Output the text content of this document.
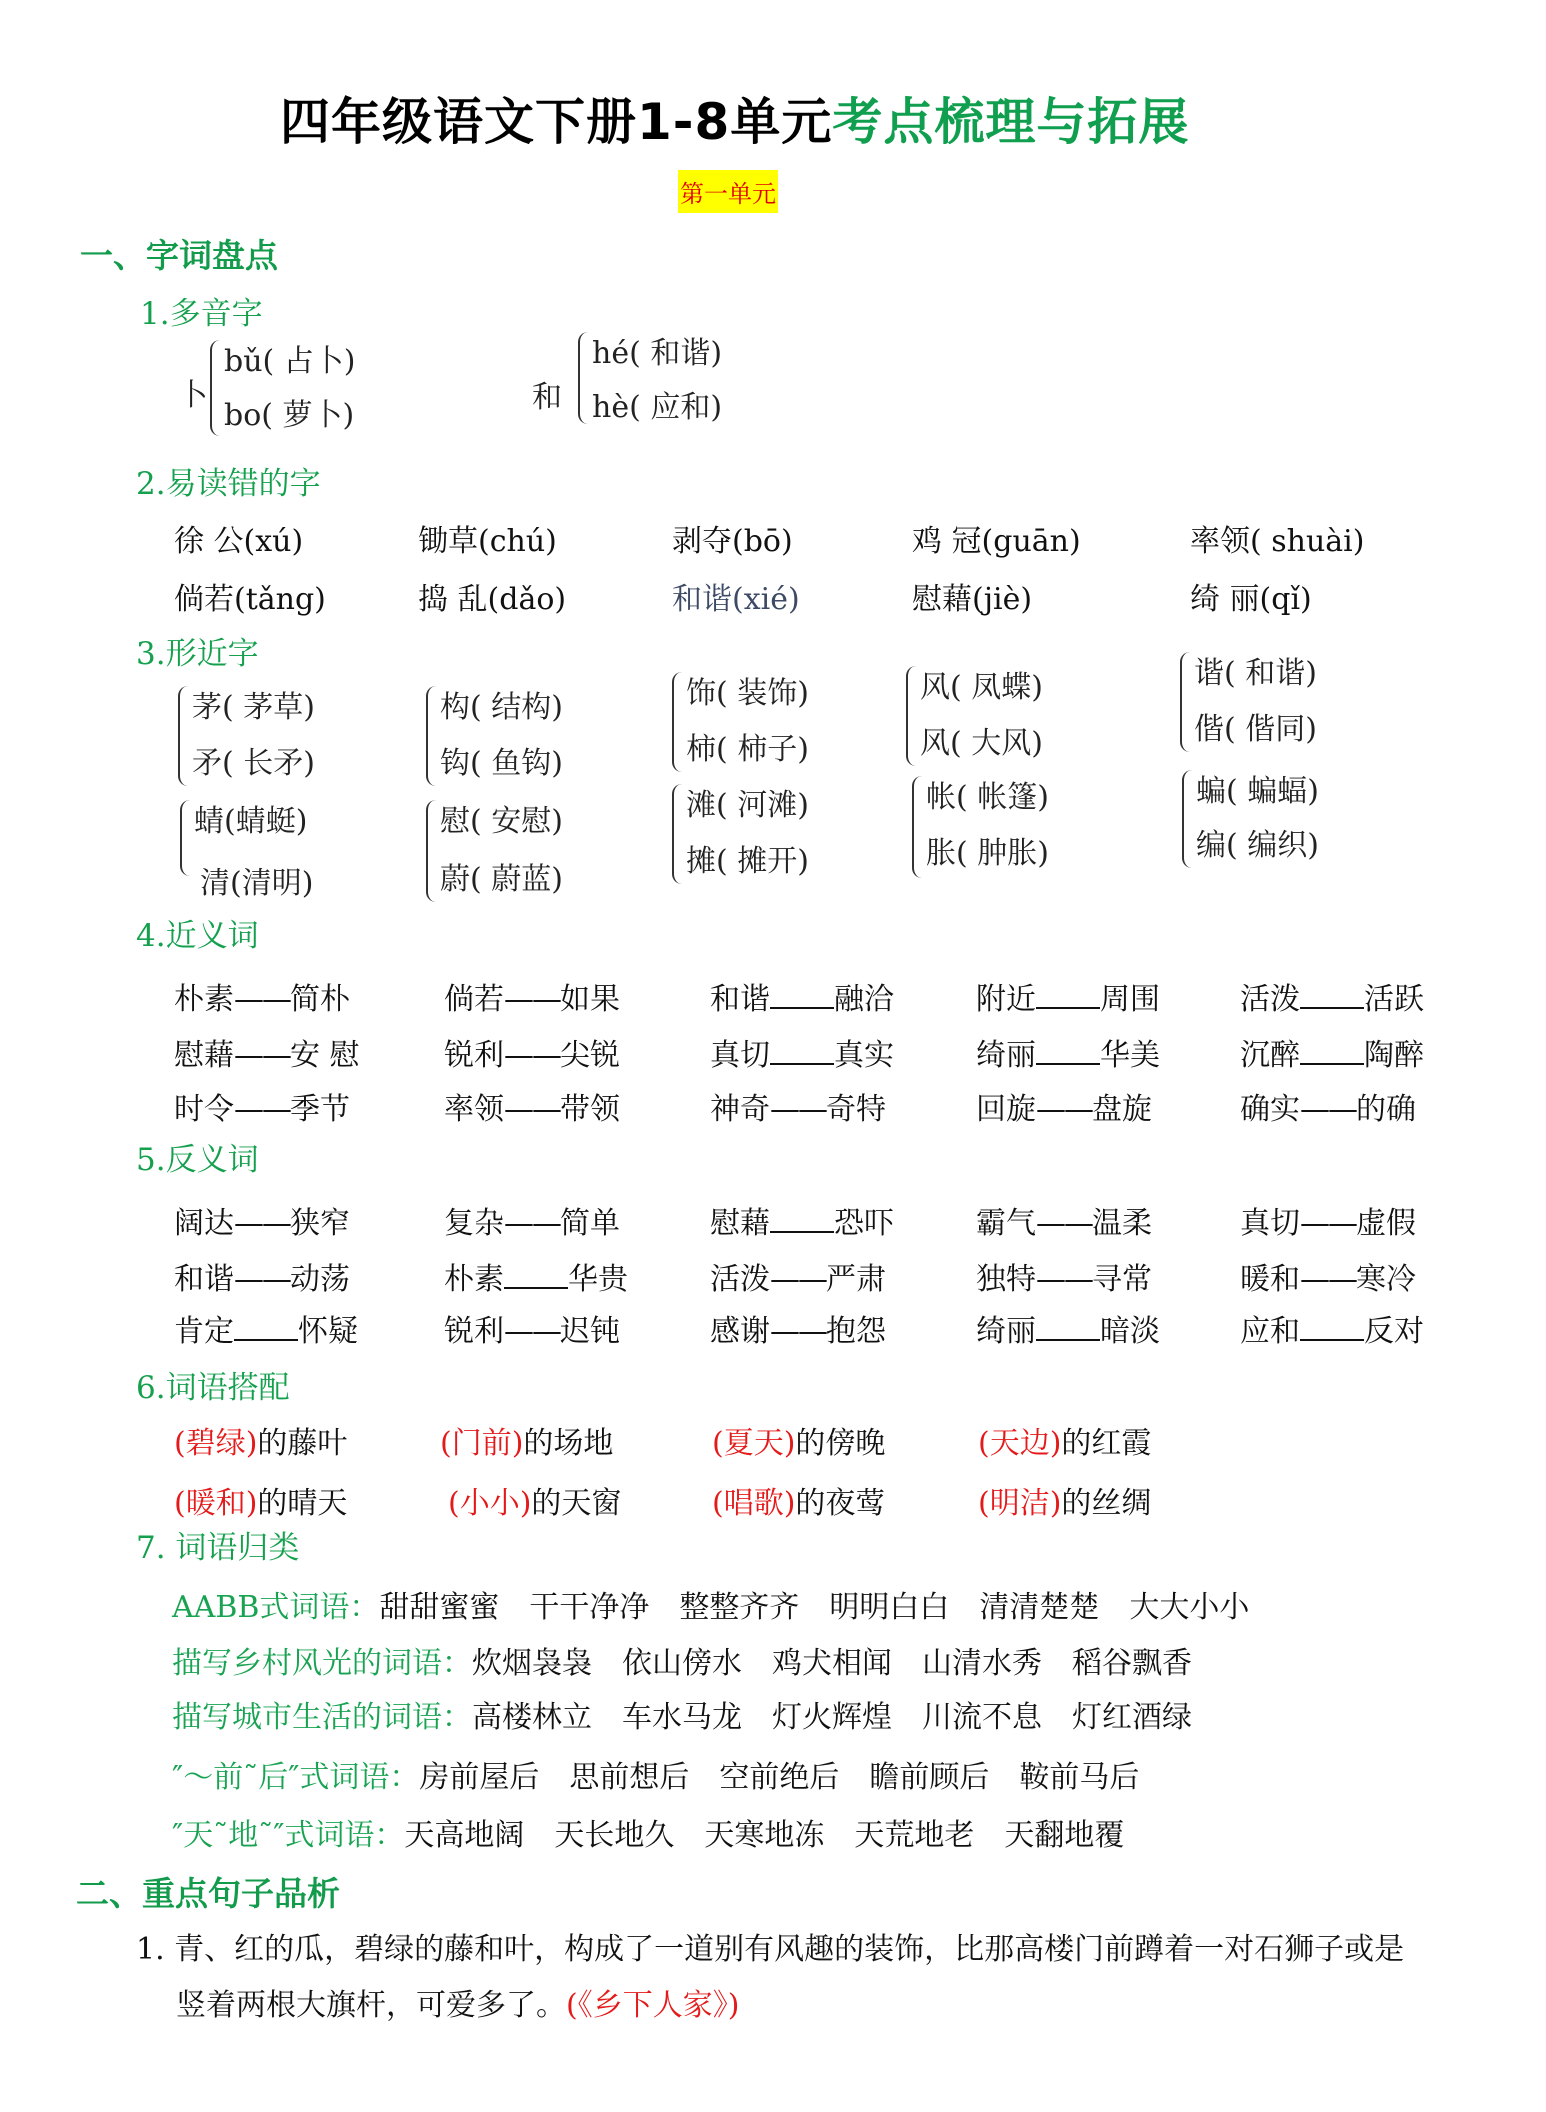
四年级语文下册1-8单元考点梳理与拓展
第一单元
一、字词盘点
1.多音字
卜
bǔ( 占卜)
bo( 萝卜)
和
hé( 和谐)
hè( 应和)
2.易读错的字
徐 公(xú)	锄草(chú)	剥夺(bō)	鸡 冠(guān)	率领( shuài)
倘若(tǎng)	捣 乱(dǎo)	和谐(xié)	慰藉(jiè)	绮 丽(qǐ)
3.形近字
茅( 茅草)
矛( 长矛)
蜻(蜻蜓)
清(清明)
构( 结构)
钩( 鱼钩)
慰( 安慰)
蔚( 蔚蓝)
饰( 装饰)
柿( 柿子)
滩( 河滩)
摊( 摊开)
风( 凤蝶)
风( 大风)
帐( 帐篷)
胀( 肿胀)
谐( 和谐)
偕( 偕同)
蝙( 蝙蝠)
编( 编织)
4.近义词
朴素——简朴	倘若——如果	和谐 融洽	附近 周围	活泼 活跃
慰藉——安 慰	锐利——尖锐	真切 真实	绮丽 华美	沉醉 陶醉
时令——季节	率领——带领	神奇——奇特	回旋——盘旋	确实——的确
5.反义词
阔达——狭窄	复杂——简单	慰藉 恐吓	霸气——温柔	真切——虚假
和谐——动荡	朴素 华贵	活泼——严肃	独特——寻常	暖和——寒冷
肯定 怀疑	锐利——迟钝	感谢——抱怨	绮丽 暗淡	应和 反对
6.词语搭配
(碧绿)的藤叶	(门前)的场地	(夏天)的傍晚	(天边)的红霞
(暖和)的晴天	(小小)的天窗	(唱歌)的夜莺	(明洁)的丝绸
7. 词语归类
AABB式词语：甜甜蜜蜜 干干净净 整整齐齐 明明白白 清清楚楚 大大小小
描写乡村风光的词语：炊烟袅袅 依山傍水 鸡犬相闻 山清水秀 稻谷飘香
描写城市生活的词语：高楼林立 车水马龙 灯火辉煌 川流不息 灯红酒绿
″～前˜后″式词语：房前屋后 思前想后 空前绝后 瞻前顾后 鞍前马后
″天˜地˜″式词语：天高地阔 天长地久 天寒地冻 天荒地老 天翻地覆
二、重点句子品析
1. 青、红的瓜，碧绿的藤和叶，构成了一道别有风趣的装饰，比那高楼门前蹲着一对石狮子或是
竖着两根大旗杆，可爱多了。(《乡下人家》)
